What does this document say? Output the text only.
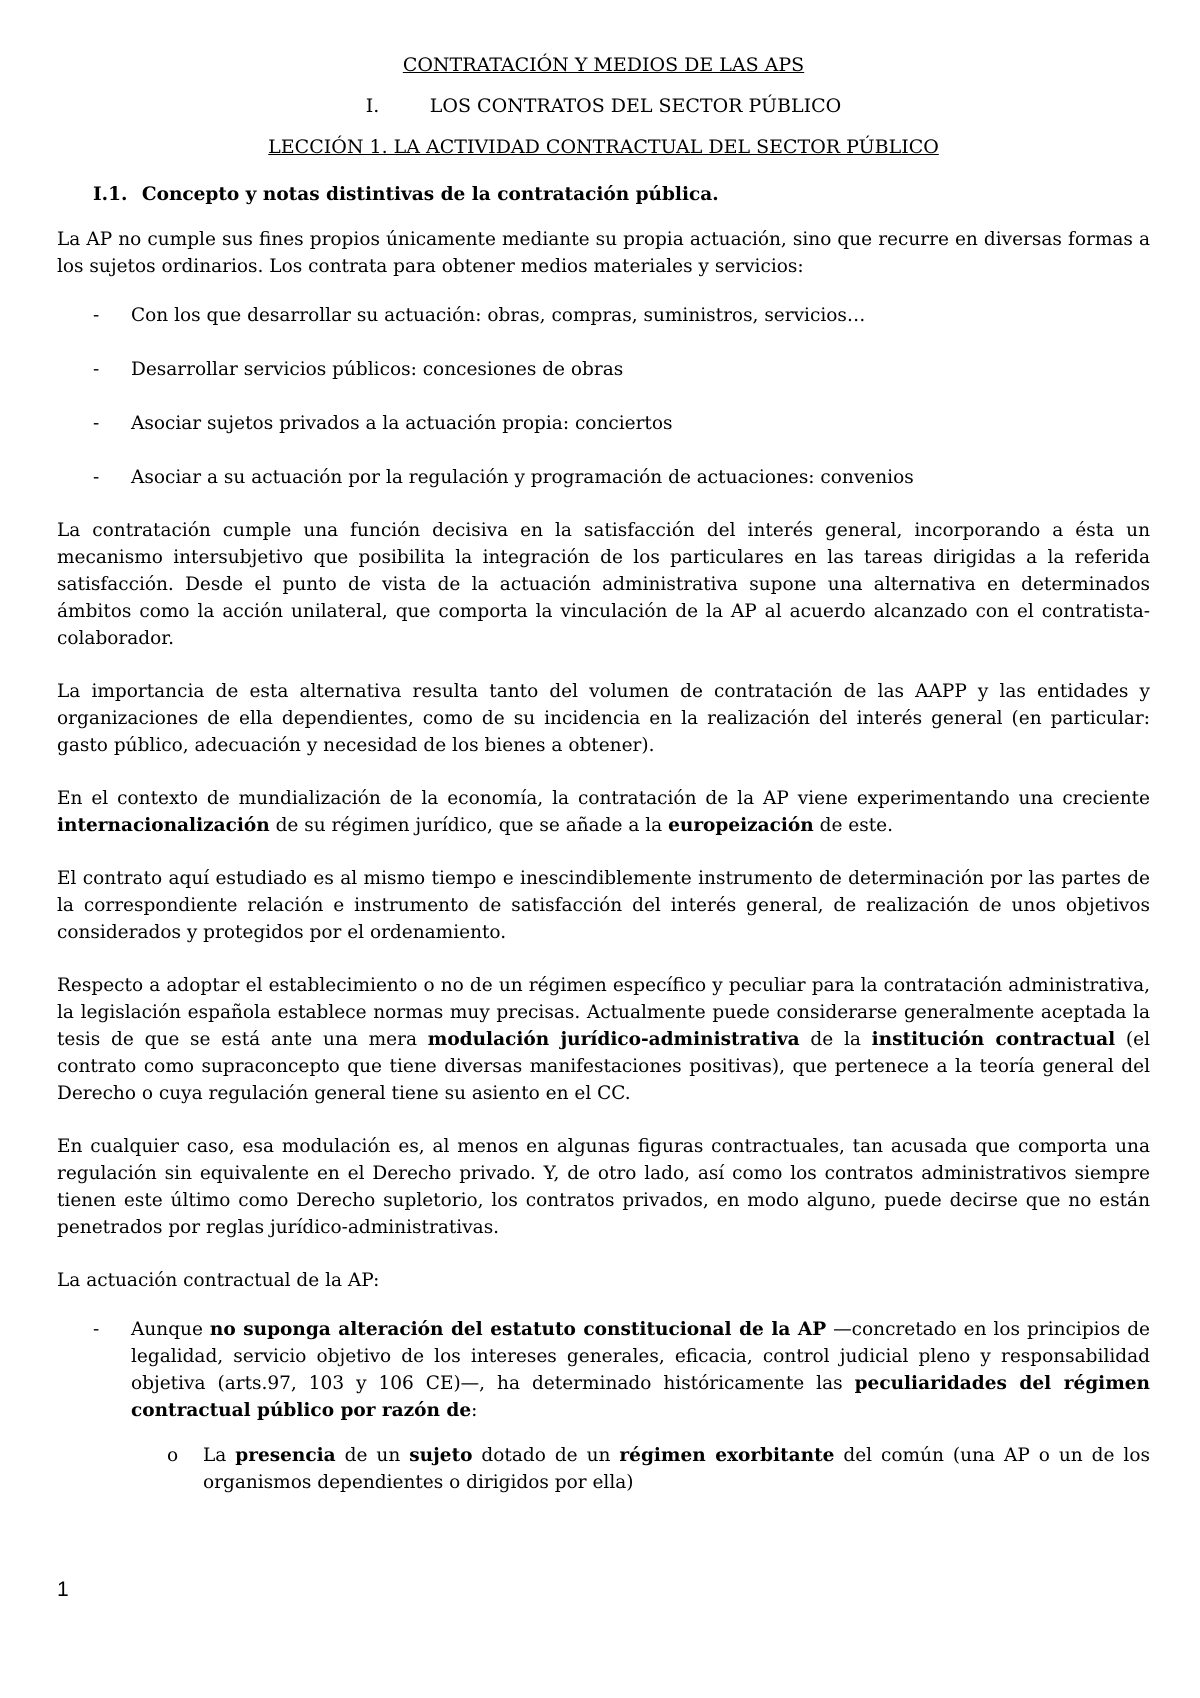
CONTRATACIÓN Y MEDIOS DE LAS APS
I.	LOS CONTRATOS DEL SECTOR PÚBLICO
LECCIÓN 1. LA ACTIVIDAD CONTRACTUAL DEL SECTOR PÚBLICO
I.1. Concepto y notas distintivas de la contratación pública.

La AP no cumple sus fines propios únicamente mediante su propia actuación, sino que recurre en diversas formas a los sujetos ordinarios. Los contrata para obtener medios materiales y servicios:

- Con los que desarrollar su actuación: obras, compras, suministros, servicios…
- Desarrollar servicios públicos: concesiones de obras
- Asociar sujetos privados a la actuación propia: conciertos
- Asociar a su actuación por la regulación y programación de actuaciones: convenios

La contratación cumple una función decisiva en la satisfacción del interés general, incorporando a ésta un mecanismo intersubjetivo que posibilita la integración de los particulares en las tareas dirigidas a la referida satisfacción. Desde el punto de vista de la actuación administrativa supone una alternativa en determinados ámbitos como la acción unilateral, que comporta la vinculación de la AP al acuerdo alcanzado con el contratista-colaborador.

La importancia de esta alternativa resulta tanto del volumen de contratación de las AAPP y las entidades y organizaciones de ella dependientes, como de su incidencia en la realización del interés general (en particular: gasto público, adecuación y necesidad de los bienes a obtener).

En el contexto de mundialización de la economía, la contratación de la AP viene experimentando una creciente internacionalización de su régimen jurídico, que se añade a la europeización de este.

El contrato aquí estudiado es al mismo tiempo e inescindiblemente instrumento de determinación por las partes de la correspondiente relación e instrumento de satisfacción del interés general, de realización de unos objetivos considerados y protegidos por el ordenamiento.

Respecto a adoptar el establecimiento o no de un régimen específico y peculiar para la contratación administrativa, la legislación española establece normas muy precisas. Actualmente puede considerarse generalmente aceptada la tesis de que se está ante una mera modulación jurídico-administrativa de la institución contractual (el contrato como supraconcepto que tiene diversas manifestaciones positivas), que pertenece a la teoría general del Derecho o cuya regulación general tiene su asiento en el CC.

En cualquier caso, esa modulación es, al menos en algunas figuras contractuales, tan acusada que comporta una regulación sin equivalente en el Derecho privado. Y, de otro lado, así como los contratos administrativos siempre tienen este último como Derecho supletorio, los contratos privados, en modo alguno, puede decirse que no están penetrados por reglas jurídico-administrativas.

La actuación contractual de la AP:

- Aunque no suponga alteración del estatuto constitucional de la AP —concretado en los principios de legalidad, servicio objetivo de los intereses generales, eficacia, control judicial pleno y responsabilidad objetiva (arts.97, 103 y 106 CE)—, ha determinado históricamente las peculiaridades del régimen contractual público por razón de:
o La presencia de un sujeto dotado de un régimen exorbitante del común (una AP o un de los organismos dependientes o dirigidos por ella)
1
